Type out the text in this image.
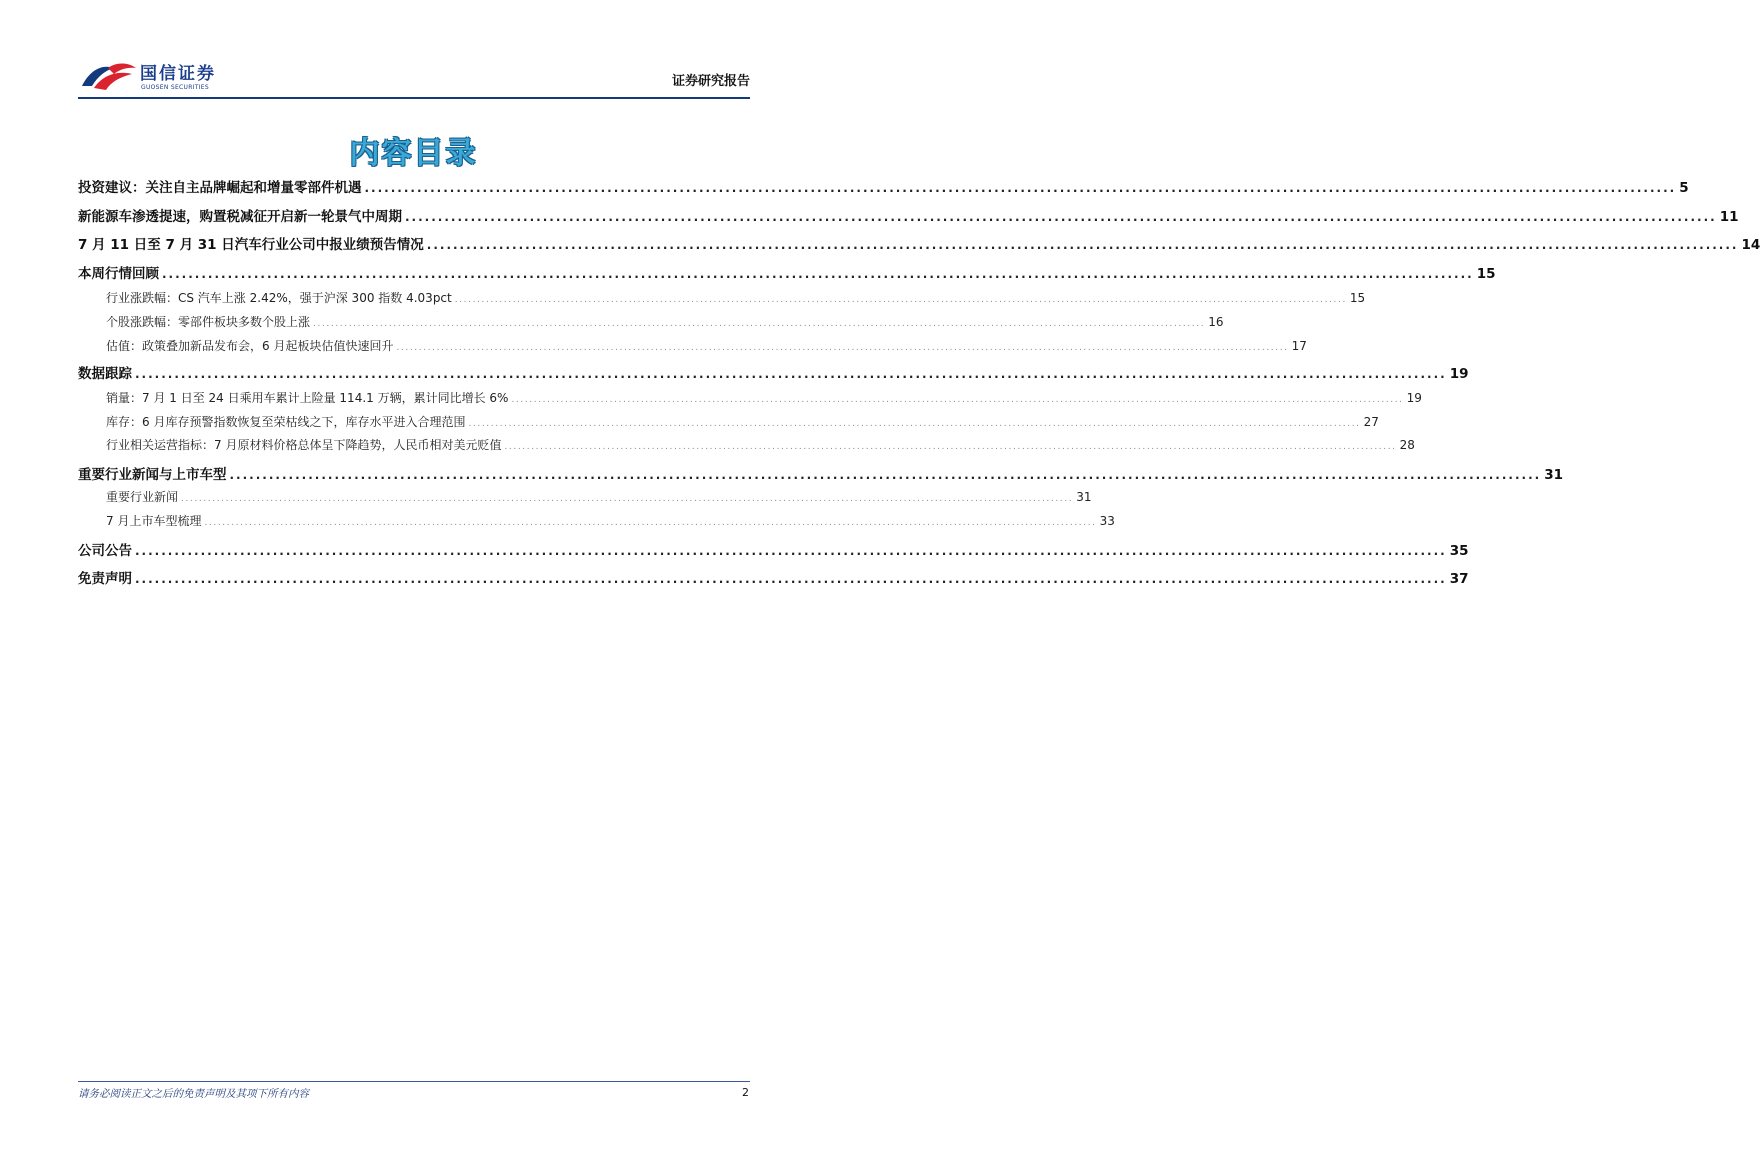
国信证券
GUOSEN SECURITIES	证券研究报告
内容目录
投资建议：关注自主品牌崛起和增量零部件机遇 ........................................................................................................................................................................................................ 5
新能源车渗透提速，购置税减征开启新一轮景气中周期 ........................................................................................................................................................................................................ 11
7 月 11 日至 7 月 31 日汽车行业公司中报业绩预告情况 ........................................................................................................................................................................................................ 14
本周行情回顾 ........................................................................................................................................................................................................ 15
行业涨跌幅：CS 汽车上涨 2.42%，强于沪深 300 指数 4.03pct ........................................................................................................................................................................................................ 15
个股涨跌幅：零部件板块多数个股上涨 ........................................................................................................................................................................................................ 16
估值：政策叠加新品发布会，6 月起板块估值快速回升 ........................................................................................................................................................................................................ 17
数据跟踪 ........................................................................................................................................................................................................ 19
销量：7 月 1 日至 24 日乘用车累计上险量 114.1 万辆，累计同比增长 6% ........................................................................................................................................................................................................ 19
库存：6 月库存预警指数恢复至荣枯线之下，库存水平进入合理范围 ........................................................................................................................................................................................................ 27
行业相关运营指标：7 月原材料价格总体呈下降趋势，人民币相对美元贬值 ........................................................................................................................................................................................................ 28
重要行业新闻与上市车型 ........................................................................................................................................................................................................ 31
重要行业新闻 ........................................................................................................................................................................................................ 31
7 月上市车型梳理 ........................................................................................................................................................................................................ 33
公司公告 ........................................................................................................................................................................................................ 35
免责声明 ........................................................................................................................................................................................................ 37
请务必阅读正文之后的免责声明及其项下所有内容	2
